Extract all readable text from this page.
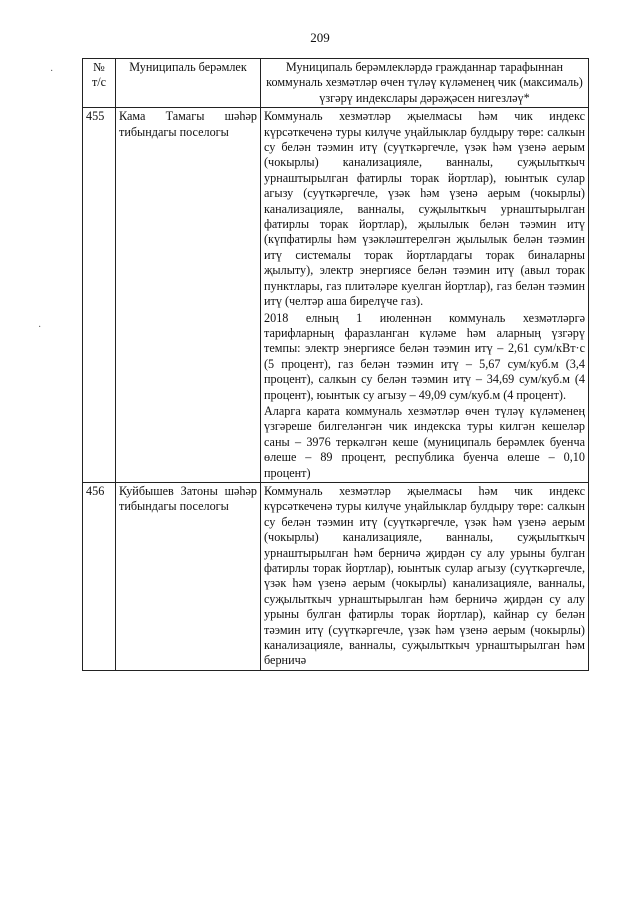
209
·
·
№
т/с	Муниципаль берәмлек	Муниципаль берәмлекләрдә гражданнар тарафыннан коммуналь хезмәтләр өчен түләү күләменең чик (максималь) үзгәрү индекслары дәрәҗәсен нигезләү*
455	Кама Тамагы шәһәр тибындагы поселогы	Коммуналь хезмәтләр җыелмасы һәм чик индекс күрсәткеченә туры килүче уңайлыклар булдыру төре: салкын су белән тәэмин итү (суүткәргечле, үзәк һәм үзенә аерым (чокырлы) канализацияле, ванналы, суҗылыткыч урнаштырылган фатирлы торак йортлар), юынтык сулар агызу (суүткәргечле, үзәк һәм үзенә аерым (чокырлы) канализацияле, ванналы, суҗылыткыч урнаштырылган фатирлы торак йортлар), җылылык белән тәэмин итү (күпфатирлы һәм үзәкләштерелгән җылылык белән тәэмин итү системалы торак йортлардагы торак биналарны җылыту), электр энергиясе белән тәэмин итү (авыл торак пунктлары, газ плитәләре куелган йортлар), газ белән тәэмин итү (челтәр аша бирелүче газ).

2018 елның 1 июленнән коммуналь хезмәтләргә тарифларның фаразланган күләме һәм аларның үзгәрү темпы: электр энергиясе белән тәэмин итү – 2,61 сум/кВт·с (5 процент), газ белән тәэмин итү – 5,67 сум/куб.м (3,4 процент), салкын су белән тәэмин итү – 34,69 сум/куб.м (4 процент), юынтык су агызу – 49,09 сум/куб.м (4 процент).

Аларга карата коммуналь хезмәтләр өчен түләү күләменең үзгәреше билгеләнгән чик индекска туры килгән кешеләр саны – 3976 теркәлгән кеше (муниципаль берәмлек буенча өлеше – 89 процент, республика буенча өлеше – 0,10 процент)

456	Куйбышев Затоны шәһәр тибындагы поселогы	Коммуналь хезмәтләр җыелмасы һәм чик индекс күрсәткеченә туры килүче уңайлыклар булдыру төре: салкын су белән тәэмин итү (суүткәргечле, үзәк һәм үзенә аерым (чокырлы) канализацияле, ванналы, суҗылыткыч урнаштырылган һәм берничә җирдән су алу урыны булган фатирлы торак йортлар), юынтык сулар агызу (суүткәргечле, үзәк һәм үзенә аерым (чокырлы) канализацияле, ванналы, суҗылыткыч урнаштырылган һәм берничә җирдән су алу урыны булган фатирлы торак йортлар), кайнар су белән тәэмин итү (суүткәргечле, үзәк һәм үзенә аерым (чокырлы) канализацияле, ванналы, суҗылыткыч урнаштырылган һәм берничә
